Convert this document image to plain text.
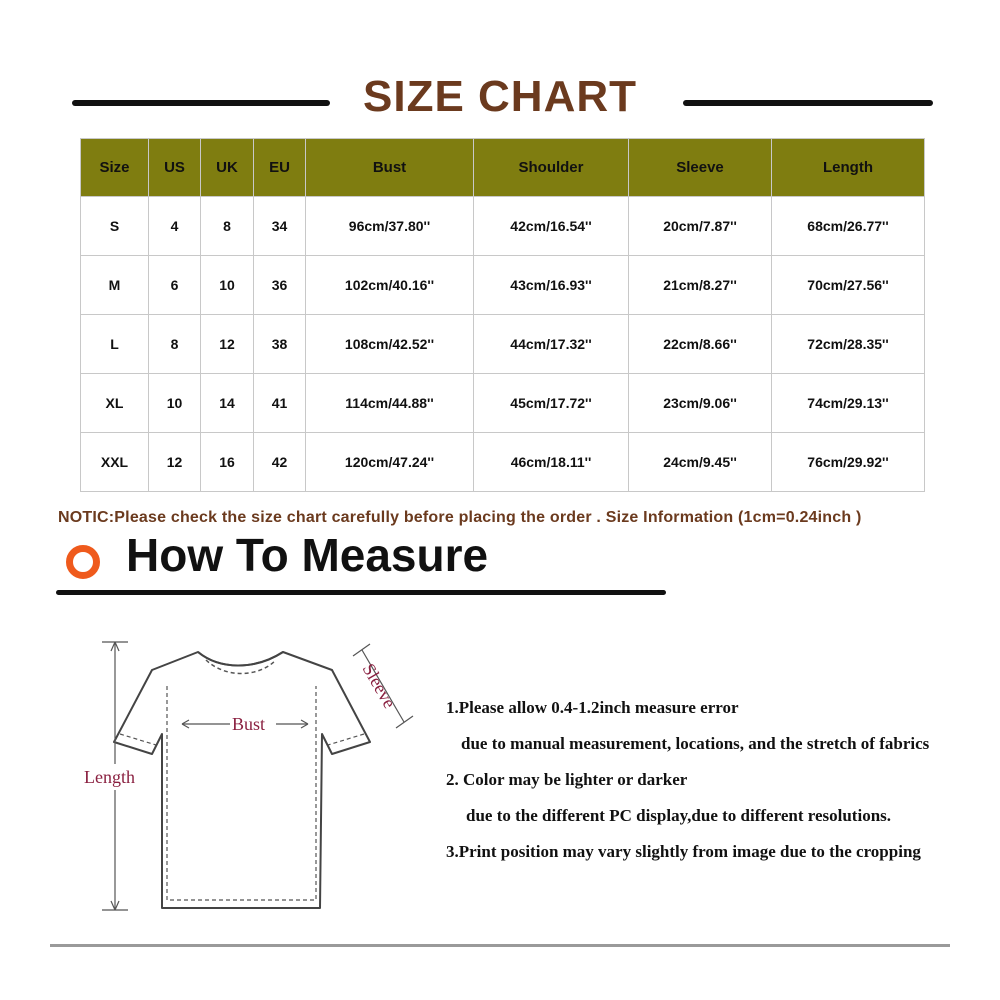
SIZE CHART
Size	US	UK	EU	Bust	Shoulder	Sleeve	Length
S	4	8	34	96cm/37.80''	42cm/16.54''	20cm/7.87''	68cm/26.77''
M	6	10	36	102cm/40.16''	43cm/16.93''	21cm/8.27''	70cm/27.56''
L	8	12	38	108cm/42.52''	44cm/17.32''	22cm/8.66''	72cm/28.35''
XL	10	14	41	114cm/44.88''	45cm/17.72''	23cm/9.06''	74cm/29.13''
XXL	12	16	42	120cm/47.24''	46cm/18.11''	24cm/9.45''	76cm/29.92''
NOTIC:Please check the size chart carefully before placing the order . Size Information (1cm=0.24inch )
How To Measure
Bust
Length
Sleeve	1.Please allow 0.4-1.2inch measure error
due to manual measurement, locations, and the stretch of fabrics
2. Color may be lighter or darker
due to the different PC display,due to different resolutions.
3.Print position may vary slightly from image due to the cropping
